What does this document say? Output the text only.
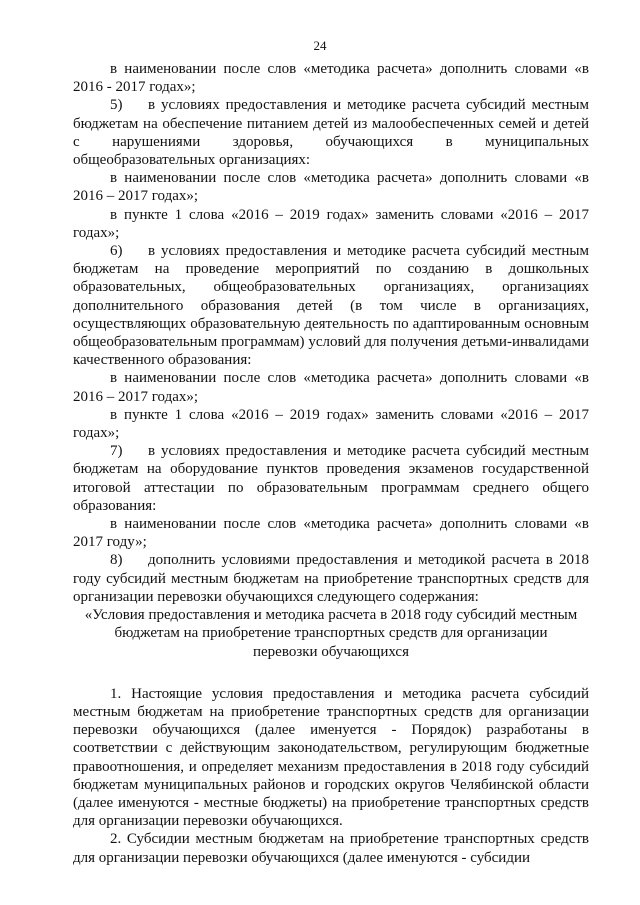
24

в наименовании после слов «методика расчета» дополнить словами «в 2016 - 2017 годах»;

5) в условиях предоставления и методике расчета субсидий местным бюджетам на обеспечение питанием детей из малообеспеченных семей и детей с нарушениями здоровья, обучающихся в муниципальных общеобразовательных организациях:

в наименовании после слов «методика расчета» дополнить словами «в 2016 – 2017 годах»;

в пункте 1 слова «2016 – 2019 годах» заменить словами «2016 – 2017 годах»;

6) в условиях предоставления и методике расчета субсидий местным бюджетам на проведение мероприятий по созданию в дошкольных образовательных, общеобразовательных организациях, организациях дополнительного образования детей (в том числе в организациях, осуществляющих образовательную деятельность по адаптированным основным общеобразовательным программам) условий для получения детьми-инвалидами качественного образования:

в наименовании после слов «методика расчета» дополнить словами «в 2016 – 2017 годах»;

в пункте 1 слова «2016 – 2019 годах» заменить словами «2016 – 2017 годах»;

7) в условиях предоставления и методике расчета субсидий местным бюджетам на оборудование пунктов проведения экзаменов государственной итоговой аттестации по образовательным программам среднего общего образования:

в наименовании после слов «методика расчета» дополнить словами «в 2017 году»;

8) дополнить условиями предоставления и методикой расчета в 2018 году субсидий местным бюджетам на приобретение транспортных средств для организации перевозки обучающихся следующего содержания:

«Условия предоставления и методика расчета в 2018 году субсидий местным бюджетам на приобретение транспортных средств для организации перевозки обучающихся

1. Настоящие условия предоставления и методика расчета субсидий местным бюджетам на приобретение транспортных средств для организации перевозки обучающихся (далее именуется - Порядок) разработаны в соответствии с действующим законодательством, регулирующим бюджетные правоотношения, и определяет механизм предоставления в 2018 году субсидий бюджетам муниципальных районов и городских округов Челябинской области (далее именуются - местные бюджеты) на приобретение транспортных средств для организации перевозки обучающихся.

2. Субсидии местным бюджетам на приобретение транспортных средств для организации перевозки обучающихся (далее именуются - субсидии
